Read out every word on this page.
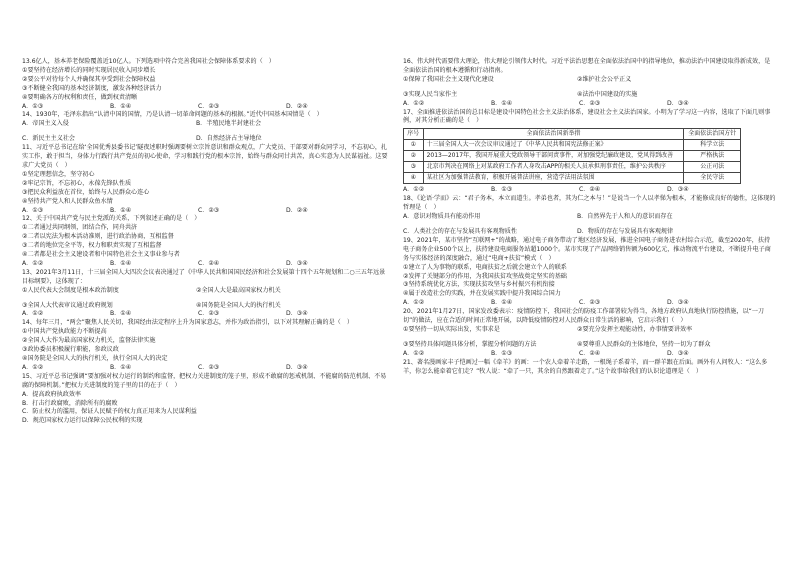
13.6亿人，基本养老保险覆盖近10亿人。下列选项中符合完善我国社会保障体系要求的（　）

①要坚持在经济增长的同时实现居民收入同步增长

②要公平对待每个人并确保其享受到社会保障权益

③不断健全我国的基本经济制度，激发各种经济活力

④要明确各方的权利和责任，做到权责清晰

A．①③	B．①④	C．②③	D．②④

14、1930年，毛泽东指出“认清中国的国情，乃是认清一切革命问题的基本的根据。”近代中国基本国情是（　）

A．帝国主义入侵	B．半殖民地半封建社会
C．新民主主义社会	D．自然经济占主导地位

11、习近平总书记在给‘全国优秀县委书记’隧夜述职时强调要树立宗旨意识和群众观点，广大党员、干部要对群众同学习，不忘初心，扎实工作，敢于担当，身体力行践行共产党员的初心使命，学习和践行党的根本宗旨，始终与群众同甘共苦，真心实意为人民谋福祉。这要求广大党员（　）

①坚定理想信念，坚守初心

②牢记宗旨，不忘初心，永葆先锋队性质

③把民众利益放在首位，始终与人民群众心连心

④坚持共产党人和人民群众鱼水情

A．①③	B．①④	C．②③	D．②④

12、关于中国共产党与民主党派的关系，下列叙述正确的是（　）

①二者通过共同纲领，团结合作，同舟共济

②二者以宪法为根本活动准则，进行政治协商，互相监督

③二者的地位完全平等，权力和职责实现了互相监督

④二者都是社会主义建设者和中国特色社会主义事业参与者

A．①②	B．①④	C．②④	D．③④

13、2021年3月11日，十三届全国人大四次会议表决通过了《中华人民共和国国民经济和社会发展第十四个五年规划和二○三五年远景目标纲要》，这体现了：

①人民代表大会制度是根本政治制度	②全国人大是最高国家权力机关
③全国人大代表审议通过政府规划	④国务院是全国人大的执行机关
A．①②	B．①④	C．②③	D．③④

14、每年三月，“两会”聚焦人民关切，我国经由法定程序上升为国家意志，并作为政治指引，以下对其理解正确的是（　）

①中国共产党执政能力不断提高

②全国人大作为最高国家权力机关，监督法律实施

③政协委员积极履行职能，参政议政

④国务院是全国人大的执行机关，执行全国人大的决定

A．①②	B．①④	C．②③	D．③④

15、习近平总书记强调“要加强对权力运行的制约和监督，把权力关进制度的笼子里，形成不敢腐的惩戒机制、不能腐的防范机制、不易腐的保障机制。”把权力关进制度的笼子里的目的在于（　）

A．提高政府执政效率

B．打击行政腐败，消除所有的腐败

C．防止权力的滥用，保证人民赋予的权力真正用来为人民谋利益

D．规范国家权力运行以保障公民权利的实现

16、伟大时代需要伟大理论，伟大理论引领伟大时代。习近平法治思想在全面依法治国中的指导地位，推动法治中国建设取得新成效，是全面依法治国的根本遵循和行动指南。

①保障了我国社会主义现代化建设	②维护社会公平正义
③实现人民当家作主	④法治中国建设的实施
A．①②	B．①④	C．②③	D．③④

17、全面推进依法治国的总目标是建设中国特色社会主义法治体系，建设社会主义法治国家。小明为了学习这一内容，选取了下面几则事例，对其分析正确的是（　）

序号	全面依法治国新举措	全面依法治国方针
①	十三届全国人大一次会议审议通过了《中华人民共和国宪法修正案》	科学立法
②	2013—2017年，我国开展重大党政领导干部问责事件，对加强党纪廉政建设，党风得到改善	严格执法
③	北京市判决在网络上对某政府工作者人身攻击APP的相关人员承担刑事责任，维护公共秩序	公正司法
④	某社区为加强普法教育，积极开展普法讲座，营造学法用法氛围	全民守法
A．①②	B．①③	C．②④	D．③④

18、《论语·学而》云：“君子务本，本立而道生。孝弟也者，其为仁之本与！”是说当一个人以孝悌为根本，才能修成良好的德性，这体现的哲理是（　）

A．意识对物质具有能动作用	B．自然界先于人和人的意识而存在
C．人类社会的存在与发展具有客观物质性	D．物质的存在与发展具有客观规律

19、2021年，某市坚持“互联网+”的战略，通过电子商务带动了地区经济发展，推进全国电子商务进农村综合示范，截至2020年，扶持电子商务企业500个以上，扶持建设电商服务站超1000个。某市实现了产品网络销售额为600亿元，推动物流平台建设，不断提升电子商务与实体经济的深度融合，通过“电商+扶贫”模式（　）

①建立了人为事物的联系，电商扶贫之后就会建立个人的联系

②发挥了关键部分的作用，为我国扶贫攻坚战奠定坚实的基础

③坚持系统优化方法，实现扶贫攻坚与乡村振兴有机衔接

④属于改造社会的实践，并在发展实践中提升我国综合国力

A．①②	B．①④	C．②③	D．③④

20、2021年1月27日，国家发改委表示：疫情防控下，我国社会的防疫工作部署较为得当，各地方政府认真地执行防控措施，以“一刀切”的做法，应在合适的时间正常地开展，以降低疫情防控对人民群众日常生活的影响，它启示我们（　）

①要坚持一切从实际出发，实事求是	②要充分发挥主观能动性，办事情要讲效率
③要坚持具体问题具体分析，掌握分析问题的方法	④要尊重人民群众的主体地位，坚持一切为了群众
A．①②	B．①③	C．②④	D．③④

21、著名漫画家丰子恺画过一幅《牵羊》的画：一个农人牵着羊走路，一根绳子系着羊，而一群羊跟在后面。画外有人问牧人：“这么多羊，你怎么能牵着它们走？”牧人说：“牵了一只，其余的自然跟着走了。”这个故事给我们的认识论道理是（　）
